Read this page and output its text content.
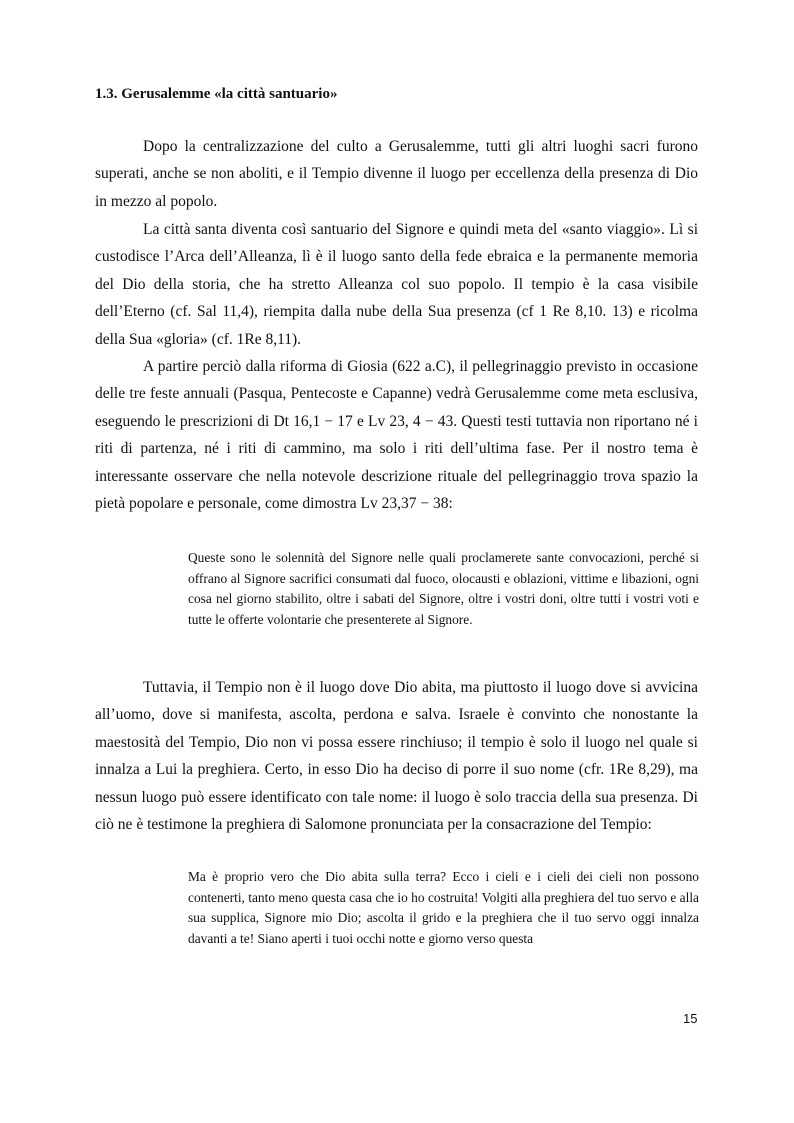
1.3. Gerusalemme «la città santuario»

Dopo la centralizzazione del culto a Gerusalemme, tutti gli altri luoghi sacri furono superati, anche se non aboliti, e il Tempio divenne il luogo per eccellenza della presenza di Dio in mezzo al popolo.

La città santa diventa così santuario del Signore e quindi meta del «santo viaggio». Lì si custodisce l’Arca dell’Alleanza, lì è il luogo santo della fede ebraica e la permanente memoria del Dio della storia, che ha stretto Alleanza col suo popolo. Il tempio è la casa visibile dell’Eterno (cf. Sal 11,4), riempita dalla nube della Sua presenza (cf 1 Re 8,10. 13) e ricolma della Sua «gloria» (cf. 1Re 8,11).

A partire perciò dalla riforma di Giosia (622 a.C), il pellegrinaggio previsto in occasione delle tre feste annuali (Pasqua, Pentecoste e Capanne) vedrà Gerusalemme come meta esclusiva, eseguendo le prescrizioni di Dt 16,1 − 17 e Lv 23, 4 − 43. Questi testi tuttavia non riportano né i riti di partenza, né i riti di cammino, ma solo i riti dell’ultima fase. Per il nostro tema è interessante osservare che nella notevole descrizione rituale del pellegrinaggio trova spazio la pietà popolare e personale, come dimostra Lv 23,37 − 38:

Queste sono le solennità del Signore nelle quali proclamerete sante convocazioni, perché si offrano al Signore sacrifici consumati dal fuoco, olocausti e oblazioni, vittime e libazioni, ogni cosa nel giorno stabilito, oltre i sabati del Signore, oltre i vostri doni, oltre tutti i vostri voti e tutte le offerte volontarie che presenterete al Signore.

Tuttavia, il Tempio non è il luogo dove Dio abita, ma piuttosto il luogo dove si avvicina all’uomo, dove si manifesta, ascolta, perdona e salva. Israele è convinto che nonostante la maestosità del Tempio, Dio non vi possa essere rinchiuso; il tempio è solo il luogo nel quale si innalza a Lui la preghiera. Certo, in esso Dio ha deciso di porre il suo nome (cfr. 1Re 8,29), ma nessun luogo può essere identificato con tale nome: il luogo è solo traccia della sua presenza. Di ciò ne è testimone la preghiera di Salomone pronunciata per la consacrazione del Tempio:

Ma è proprio vero che Dio abita sulla terra? Ecco i cieli e i cieli dei cieli non possono contenerti, tanto meno questa casa che io ho costruita! Volgiti alla preghiera del tuo servo e alla sua supplica, Signore mio Dio; ascolta il grido e la preghiera che il tuo servo oggi innalza davanti a te! Siano aperti i tuoi occhi notte e giorno verso questa

15
